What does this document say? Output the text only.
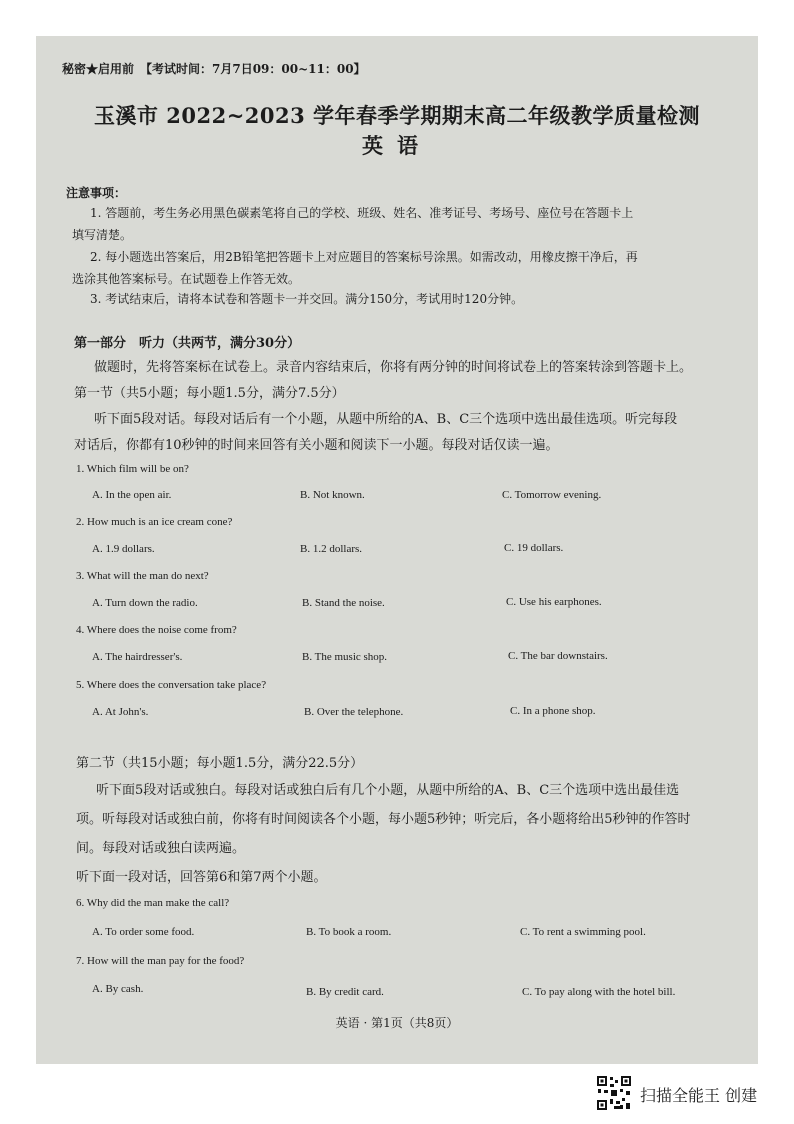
秘密★启用前　【考试时间：7月7日09：00~11：00】
玉溪市 2022~2023 学年春季学期期末高二年级教学质量检测
英语
注意事项：
1. 答题前，考生务必用黑色碳素笔将自己的学校、班级、姓名、准考证号、考场号、座位号在答题卡上
填写清楚。
2. 每小题选出答案后，用2B铅笔把答题卡上对应题目的答案标号涂黑。如需改动，用橡皮擦干净后，再
选涂其他答案标号。在试题卷上作答无效。
3. 考试结束后，请将本试卷和答题卡一并交回。满分150分，考试用时120分钟。
第一部分　听力（共两节，满分30分）
做题时，先将答案标在试卷上。录音内容结束后，你将有两分钟的时间将试卷上的答案转涂到答题卡上。
第一节（共5小题；每小题1.5分，满分7.5分）
听下面5段对话。每段对话后有一个小题，从题中所给的A、B、C三个选项中选出最佳选项。听完每段
对话后，你都有10秒钟的时间来回答有关小题和阅读下一小题。每段对话仅读一遍。
1. Which film will be on?
A. In the open air.	B. Not known.	C. Tomorrow evening.
2. How much is an ice cream cone?
A. 1.9 dollars.	B. 1.2 dollars.	C. 19 dollars.
3. What will the man do next?
A. Turn down the radio.	B. Stand the noise.	C. Use his earphones.
4. Where does the noise come from?
A. The hairdresser's.	B. The music shop.	C. The bar downstairs.
5. Where does the conversation take place?
A. At John's.	B. Over the telephone.	C. In a phone shop.
第二节（共15小题；每小题1.5分，满分22.5分）
听下面5段对话或独白。每段对话或独白后有几个小题，从题中所给的A、B、C三个选项中选出最佳选
项。听每段对话或独白前，你将有时间阅读各个小题，每小题5秒钟；听完后，各小题将给出5秒钟的作答时
间。每段对话或独白读两遍。
听下面一段对话，回答第6和第7两个小题。
6. Why did the man make the call?
A. To order some food.	B. To book a room.	C. To rent a swimming pool.
7. How will the man pay for the food?
A. By cash.	B. By credit card.	C. To pay along with the hotel bill.
英语 · 第1页（共8页）
扫描全能王 创建
